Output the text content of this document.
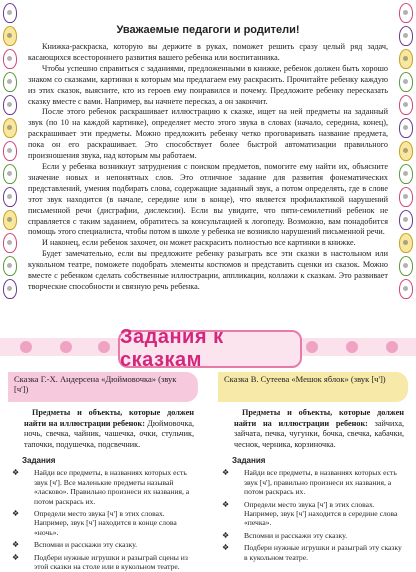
Уважаемые педагоги и родители!

Книжка-раскраска, которую вы держите в руках, поможет решить сразу целый ряд задач, касающихся всестороннего развития вашего ребенка или воспитанника.

Чтобы успешно справиться с заданиями, предложенными в книжке, ребенок должен быть хорошо знаком со сказками, картинки к которым мы предлагаем ему раскрасить. Прочитайте ребенку каждую из этих сказок, выясните, кто из героев ему понравился и почему. Предложите ребенку пересказать сказку вместе с вами. Например, вы начнете пересказ, а он закончит.

После этого ребенок раскрашивает иллюстрацию к сказке, ищет на ней предметы на заданный звук (по 10 на каждой картинке), определяет место этого звука в словах (начало, середина, конец), раскрашивает эти предметы. Можно предложить ребенку четко проговаривать название предмета, пока он его раскрашивает. Это способствует более быстрой автоматизации правильного произношения звука, над которым мы работаем.

Если у ребенка возникнут затруднения с поиском предметов, помогите ему найти их, объясните значение новых и непонятных слов. Это отличное задание для развития фонематических представлений, умения подбирать слова, содержащие заданный звук, а потом определять, где в слове этот звук находится (в начале, середине или в конце), что является профилактикой нарушений письменной речи (дисграфии, дислексии). Если вы увидите, что пяти-семилетний ребенок не справляется с таким заданием, обратитесь за консультацией к логопеду. Возможно, вам понадобится помощь этого специалиста, чтобы потом в школе у ребенка не возникло нарушений письменной речи.

И наконец, если ребенок захочет, он может раскрасить полностью все картинки в книжке.

Будет замечательно, если вы предложите ребенку разыграть все эти сказки в настольном или кукольном театре, поможете подобрать элементы костюмов и представить сценки из сказок. Можно вместе с ребенком сделать собственные иллюстрации, аппликации, коллажи к сказкам. Это развивает творческие способности и связную речь ребенка.

Задания к сказкам
Сказка Г.-Х. Андерсена «Дюймовочка» (звук [ч'])
Предметы и объекты, которые должен найти на иллюстрации ребенок: Дюймовочка, ночь, свечка, чайник, чашечка, очки, стульчик, тапочки, подушечка, подсвечник.
Задания
❖ Найди все предметы, в названиях которых есть звук [ч']. Все маленькие предметы называй «ласково». Правильно произнеси их названия, а потом раскрась их.
❖ Определи место звука [ч'] в этих словах. Например, звук [ч'] находится в конце слова «ночь».
❖ Вспомни и расскажи эту сказку.
❖ Подбери нужные игрушки и разыграй сцены из этой сказки на столе или в кукольном театре.
Сказка В. Сутеева «Мешок яблок» (звук [ч'])
Предметы и объекты, которые должен найти на иллюстрации ребенок: зайчиха, зайчата, печка, чугунки, бочка, свечка, кабачки, чеснок, черника, корзиночка.
Задания
❖ Найди все предметы, в названиях которых есть звук [ч'], правильно произнеси их названия, а потом раскрась их.
❖ Определи место звука [ч'] в этих словах. Например, звук [ч'] находится в середине слова «печка».
❖ Вспомни и расскажи эту сказку.
❖ Подбери нужные игрушки и разыграй эту сказку в кукольном театре.
